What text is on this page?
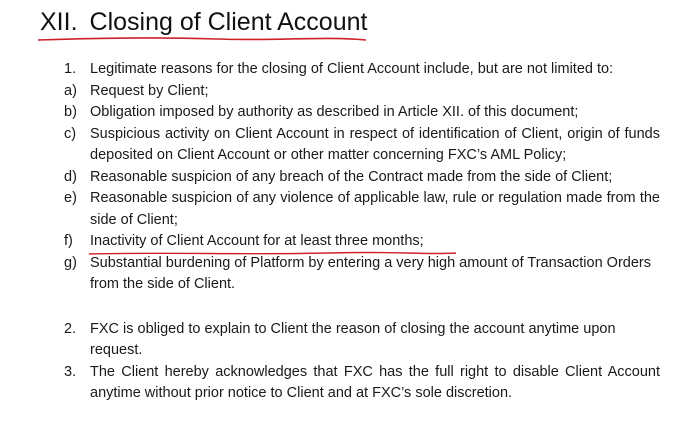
XII. Closing of Client Account
1. Legitimate reasons for the closing of Client Account include, but are not limited to:
a) Request by Client;
b) Obligation imposed by authority as described in Article XII. of this document;
c) Suspicious activity on Client Account in respect of identification of Client, origin of funds deposited on Client Account or other matter concerning FXC’s AML Policy;
d) Reasonable suspicion of any breach of the Contract made from the side of Client;
e) Reasonable suspicion of any violence of applicable law, rule or regulation made from the side of Client;
f)	Inactivity of Client Account for at least three months;
g) Substantial burdening of Platform by entering a very high amount of Transaction Orders from the side of Client.
2. FXC is obliged to explain to Client the reason of closing the account anytime upon request.
3. The Client hereby acknowledges that FXC has the full right to disable Client Account anytime without prior notice to Client and at FXC’s sole discretion.
